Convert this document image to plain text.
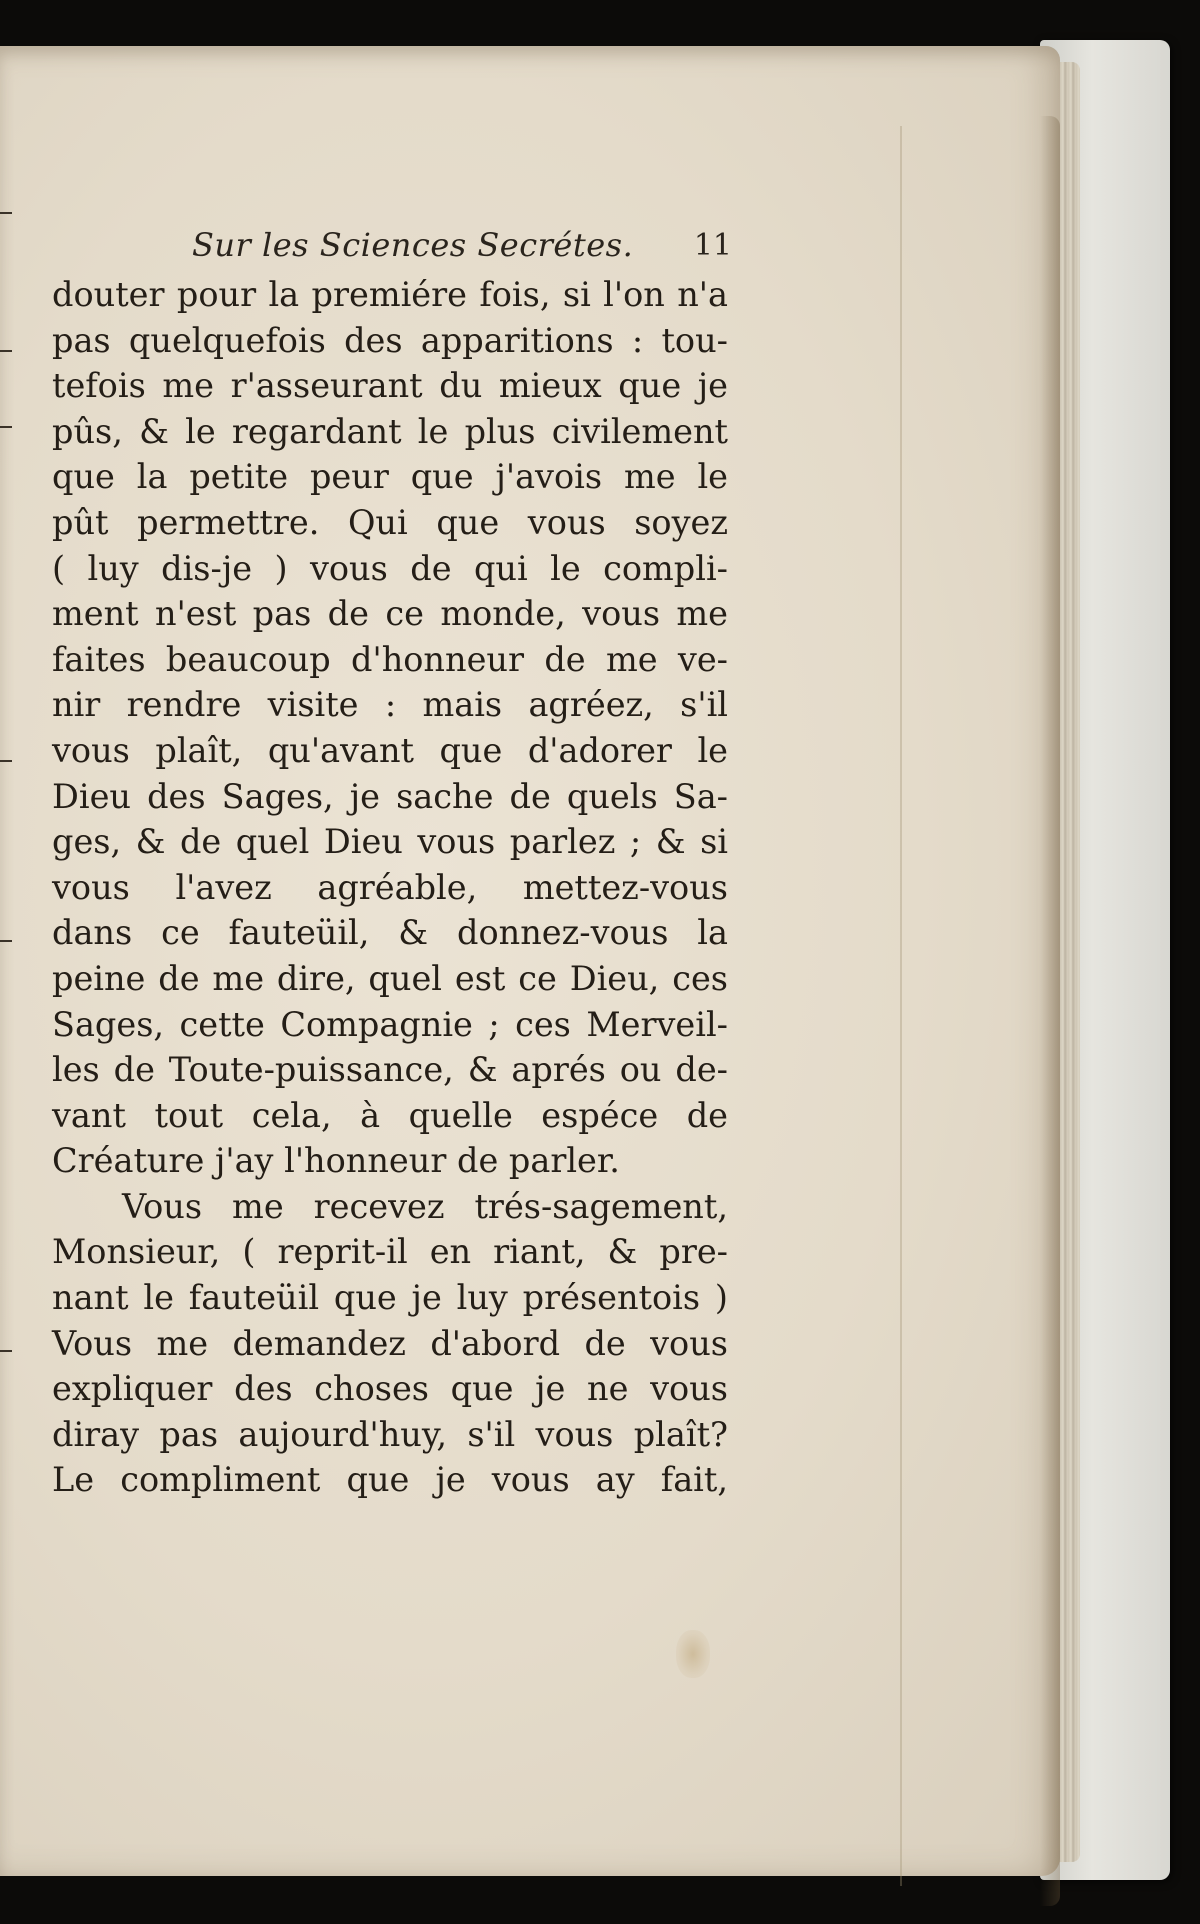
Sur les Sciences Secrétes. 11
douter pour la premiére fois, si l'on n'a
pas quelquefois des apparitions : tou-
tefois me r'asseurant du mieux que je
pûs, & le regardant le plus civilement
que la petite peur que j'avois me le
pût permettre. Qui que vous soyez
( luy dis-je ) vous de qui le compli-
ment n'est pas de ce monde, vous me
faites beaucoup d'honneur de me ve-
nir rendre visite : mais agréez, s'il
vous plaît, qu'avant que d'adorer le
Dieu des Sages, je sache de quels Sa-
ges, & de quel Dieu vous parlez ; & si
vous l'avez agréable, mettez-vous
dans ce fauteüil, & donnez-vous la
peine de me dire, quel est ce Dieu, ces
Sages, cette Compagnie ; ces Merveil-
les de Toute-puissance, & aprés ou de-
vant tout cela, à quelle espéce de
Créature j'ay l'honneur de parler.
Vous me recevez trés-sagement,
Monsieur, ( reprit-il en riant, & pre-
nant le fauteüil que je luy présentois )
Vous me demandez d'abord de vous
expliquer des choses que je ne vous
diray pas aujourd'huy, s'il vous plaît?
Le compliment que je vous ay fait,
